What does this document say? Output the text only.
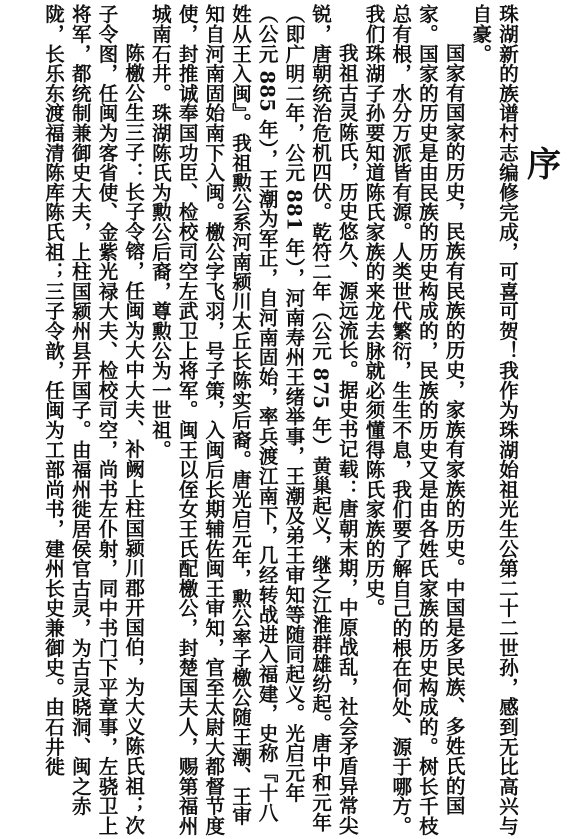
序

珠湖新的族谱村志编修完成，可喜可贺！我作为珠湖始祖光生公第二十二世孙，感到无比高兴与自豪。

国家有国家的历史，民族有民族的历史，家族有家族的历史。中国是多民族、多姓氏的国家。国家的历史是由民族的历史构成的，民族的历史又是由各姓氏家族的历史构成的。树长千枝总有根，水分万派皆有源。人类世代繁衍，生生不息，我们要了解自己的根在何处、源于哪方。我们珠湖子孙要知道陈氏家族的来龙去脉就必须懂得陈氏家族的历史。

我祖古灵陈氏，历史悠久、源远流长。据史书记载：唐朝末期，中原战乱，社会矛盾异常尖锐，唐朝统治危机四伏。乾符二年（公元 875 年）黄巢起义，继之江淮群雄纷起。唐中和元年（即广明二年，公元 881 年），河南寿州王绪举事，王潮及弟王审知等随同起义。光启元年（公元 885 年），王潮为军正，自河南固始，率兵渡江南下，几经转战进入福建，史称『十八姓从王入闽』。我祖勲公系河南颍川太丘长陈实后裔。唐光启元年，勲公率子檄公随王潮、王审知自河南固始南下入闽。檄公字飞羽，号子策，入闽后长期辅佐闽王审知，官至太尉大都督节度使，封推诚奉国功臣、检校司空左武卫上将军。闽王以侄女王氏配檄公，封楚国夫人，赐第福州城南石井。珠湖陈氏为勲公后裔，尊勲公为一世祖。

陈檄公生三子：长子令镕，任闽为大中大夫、补阙上柱国颍川郡开国伯，为大义陈氏祖；次子令图，任闽为客省使、金紫光禄大夫、检校司空，尚书左仆射，同中书门下平章事，左骁卫上将军，都统制兼御史大夫，上柱国颍州县开国子。由福州徙居侯官古灵，为古灵晓洞、闽之赤陇，长乐东渡福清陈库陈氏祖；三子令歆，任闽为工部尚书，建州长史兼御史。由石井徙
